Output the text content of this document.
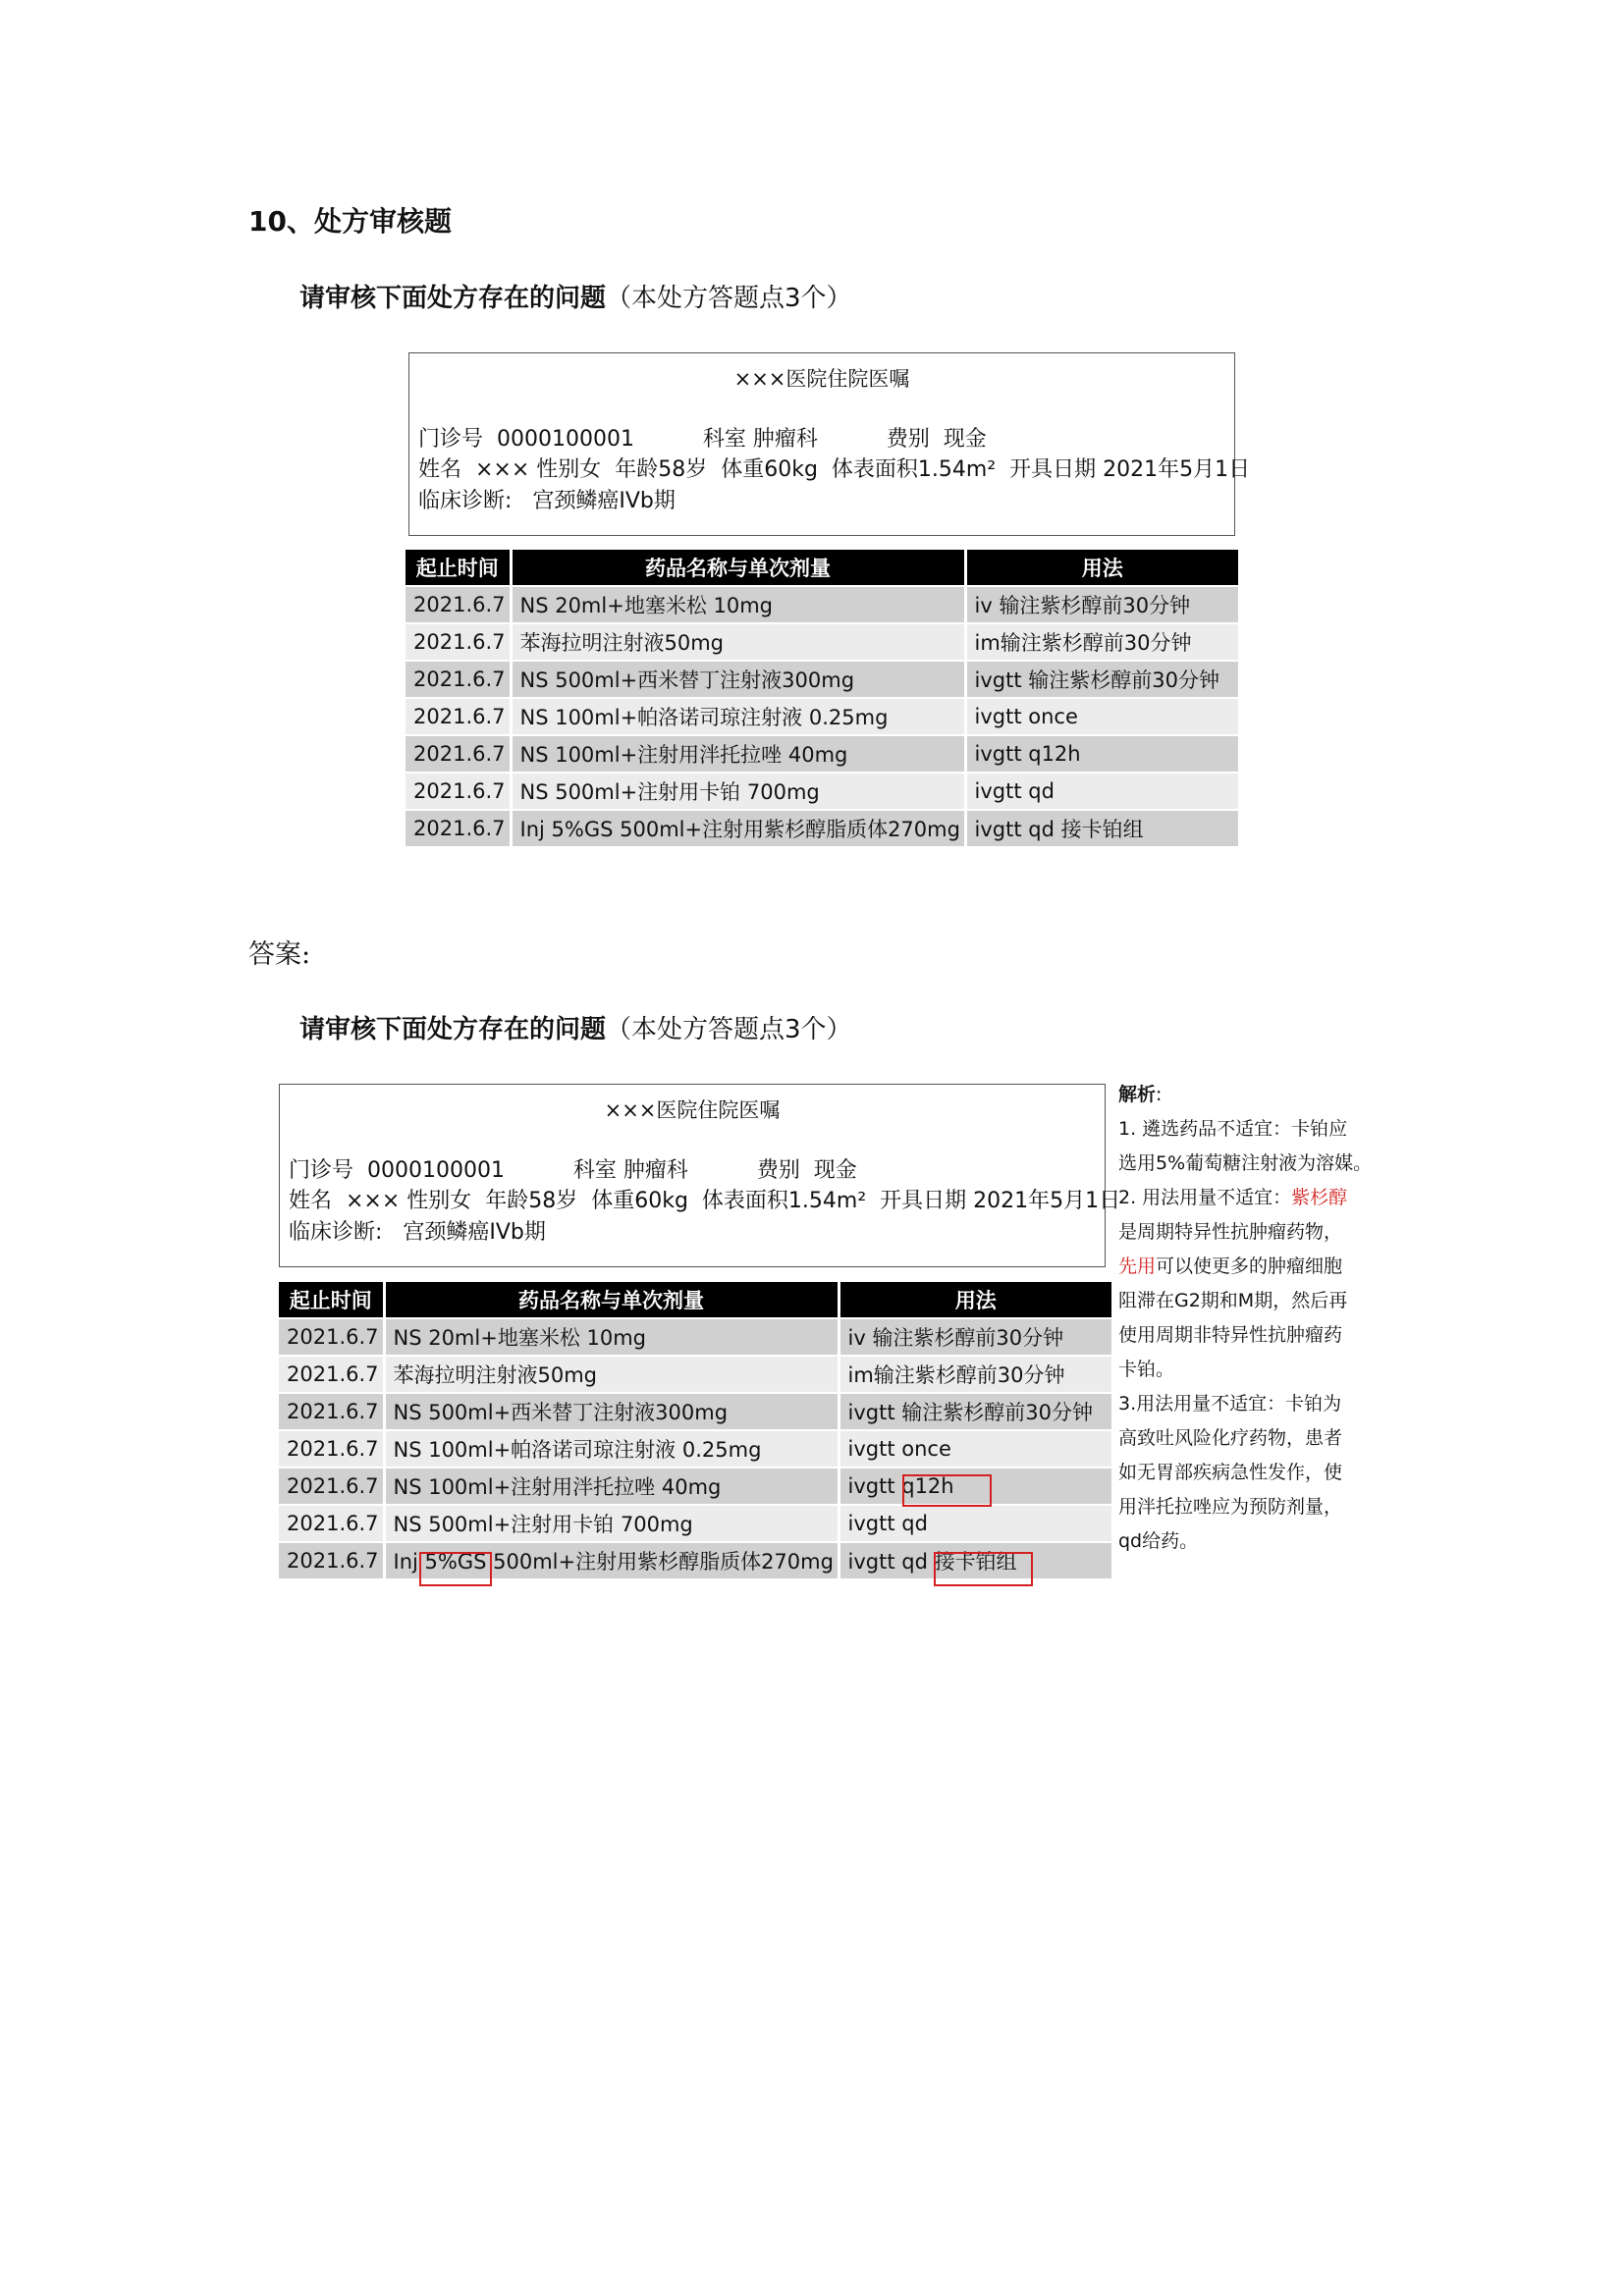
10、处方审核题
请审核下面处方存在的问题（本处方答题点3个）
×××医院住院医嘱
门诊号  0000100001          科室 肿瘤科          费别  现金
姓名  ××× 性别女  年龄58岁  体重60kg  体表面积1.54m²  开具日期 2021年5月1日
临床诊断:   宫颈鳞癌IVb期
起止时间	药品名称与单次剂量	用法
2021.6.7	NS 20ml+地塞米松 10mg	iv 输注紫杉醇前30分钟
2021.6.7	苯海拉明注射液50mg	im输注紫杉醇前30分钟
2021.6.7	NS 500ml+西米替丁注射液300mg	ivgtt 输注紫杉醇前30分钟
2021.6.7	NS 100ml+帕洛诺司琼注射液 0.25mg	ivgtt once
2021.6.7	NS 100ml+注射用泮托拉唑 40mg	ivgtt q12h
2021.6.7	NS 500ml+注射用卡铂 700mg	ivgtt qd
2021.6.7	Inj 5%GS 500ml+注射用紫杉醇脂质体270mg	ivgtt qd 接卡铂组
答案:
请审核下面处方存在的问题（本处方答题点3个）
×××医院住院医嘱
门诊号  0000100001          科室 肿瘤科          费别  现金
姓名  ××× 性别女  年龄58岁  体重60kg  体表面积1.54m²  开具日期 2021年5月1日
临床诊断:   宫颈鳞癌IVb期
起止时间	药品名称与单次剂量	用法
2021.6.7	NS 20ml+地塞米松 10mg	iv 输注紫杉醇前30分钟
2021.6.7	苯海拉明注射液50mg	im输注紫杉醇前30分钟
2021.6.7	NS 500ml+西米替丁注射液300mg	ivgtt 输注紫杉醇前30分钟
2021.6.7	NS 100ml+帕洛诺司琼注射液 0.25mg	ivgtt once
2021.6.7	NS 100ml+注射用泮托拉唑 40mg	ivgtt q12h
2021.6.7	NS 500ml+注射用卡铂 700mg	ivgtt qd
2021.6.7	Inj 5%GS 500ml+注射用紫杉醇脂质体270mg	ivgtt qd 接卡铂组
解析:
1. 遴选药品不适宜：卡铂应
选用5%葡萄糖注射液为溶媒。
2. 用法用量不适宜：紫杉醇
是周期特异性抗肿瘤药物，
先用可以使更多的肿瘤细胞
阻滞在G2期和M期，然后再
使用周期非特异性抗肿瘤药
卡铂。
3.用法用量不适宜：卡铂为
高致吐风险化疗药物，患者
如无胃部疾病急性发作，使
用泮托拉唑应为预防剂量，
qd给药。
